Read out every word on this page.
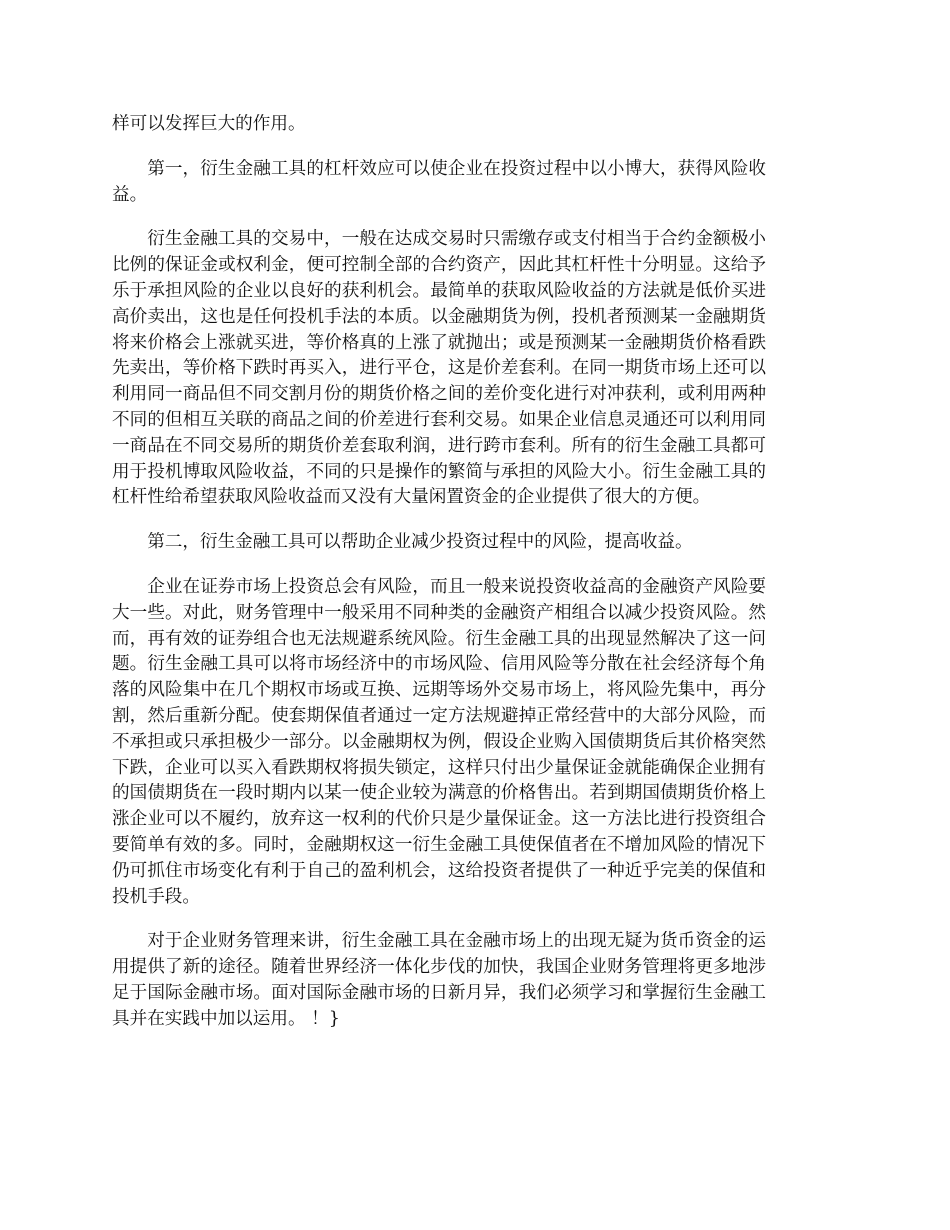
样可以发挥巨大的作用。

第一，衍生金融工具的杠杆效应可以使企业在投资过程中以小博大，获得风险收益。

衍生金融工具的交易中，一般在达成交易时只需缴存或支付相当于合约金额极小比例的保证金或权利金，便可控制全部的合约资产，因此其杠杆性十分明显。这给予乐于承担风险的企业以良好的获利机会。最简单的获取风险收益的方法就是低价买进高价卖出，这也是任何投机手法的本质。以金融期货为例，投机者预测某一金融期货将来价格会上涨就买进，等价格真的上涨了就抛出；或是预测某一金融期货价格看跌先卖出，等价格下跌时再买入，进行平仓，这是价差套利。在同一期货市场上还可以利用同一商品但不同交割月份的期货价格之间的差价变化进行对冲获利，或利用两种不同的但相互关联的商品之间的价差进行套利交易。如果企业信息灵通还可以利用同一商品在不同交易所的期货价差套取利润，进行跨市套利。所有的衍生金融工具都可用于投机博取风险收益，不同的只是操作的繁简与承担的风险大小。衍生金融工具的杠杆性给希望获取风险收益而又没有大量闲置资金的企业提供了很大的方便。

第二，衍生金融工具可以帮助企业减少投资过程中的风险，提高收益。

企业在证券市场上投资总会有风险，而且一般来说投资收益高的金融资产风险要大一些。对此，财务管理中一般采用不同种类的金融资产相组合以减少投资风险。然而，再有效的证券组合也无法规避系统风险。衍生金融工具的出现显然解决了这一问题。衍生金融工具可以将市场经济中的市场风险、信用风险等分散在社会经济每个角落的风险集中在几个期权市场或互换、远期等场外交易市场上，将风险先集中，再分割，然后重新分配。使套期保值者通过一定方法规避掉正常经营中的大部分风险，而不承担或只承担极少一部分。以金融期权为例，假设企业购入国债期货后其价格突然下跌，企业可以买入看跌期权将损失锁定，这样只付出少量保证金就能确保企业拥有的国债期货在一段时期内以某一使企业较为满意的价格售出。若到期国债期货价格上涨企业可以不履约，放弃这一权利的代价只是少量保证金。这一方法比进行投资组合要简单有效的多。同时，金融期权这一衍生金融工具使保值者在不增加风险的情况下仍可抓住市场变化有利于自己的盈利机会，这给投资者提供了一种近乎完美的保值和投机手段。

对于企业财务管理来讲，衍生金融工具在金融市场上的出现无疑为货币资金的运用提供了新的途径。随着世界经济一体化步伐的加快，我国企业财务管理将更多地涉足于国际金融市场。面对国际金融市场的日新月异，我们必须学习和掌握衍生金融工具并在实践中加以运用。 ！}
